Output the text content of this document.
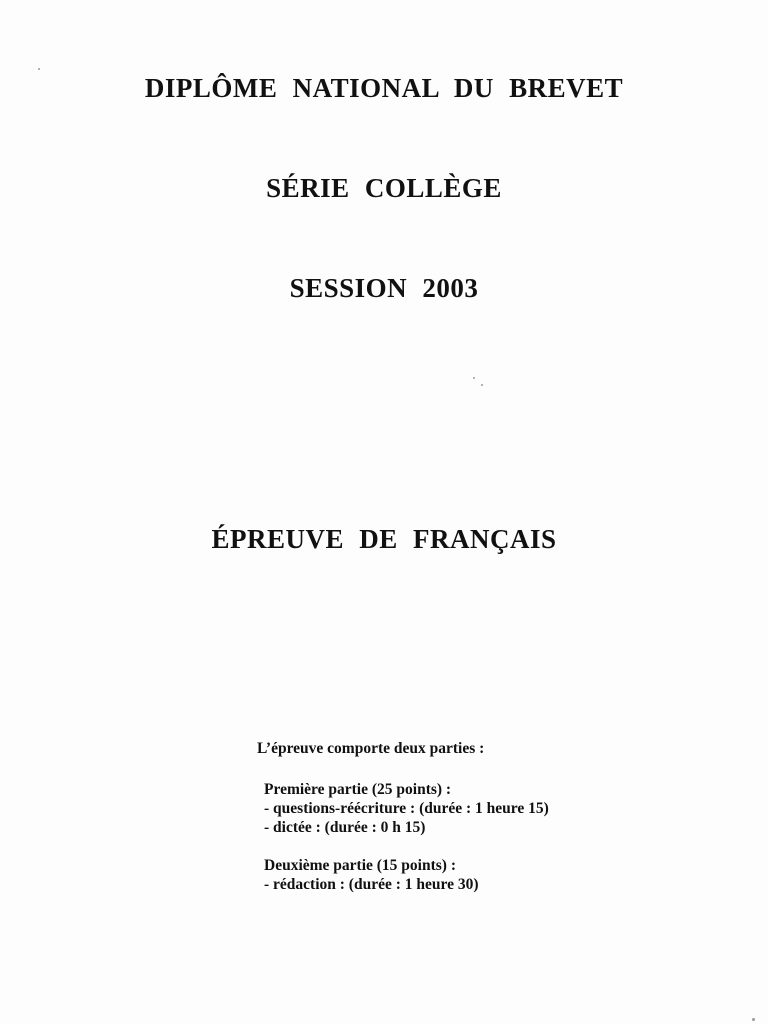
DIPLÔME NATIONAL DU BREVET
SÉRIE COLLÈGE
SESSION 2003
ÉPREUVE DE FRANÇAIS

L’épreuve comporte deux parties :

Première partie (25 points) :

- questions-réécriture : (durée : 1 heure 15)

- dictée : (durée : 0 h 15)

Deuxième partie (15 points) :

- rédaction : (durée : 1 heure 30)
